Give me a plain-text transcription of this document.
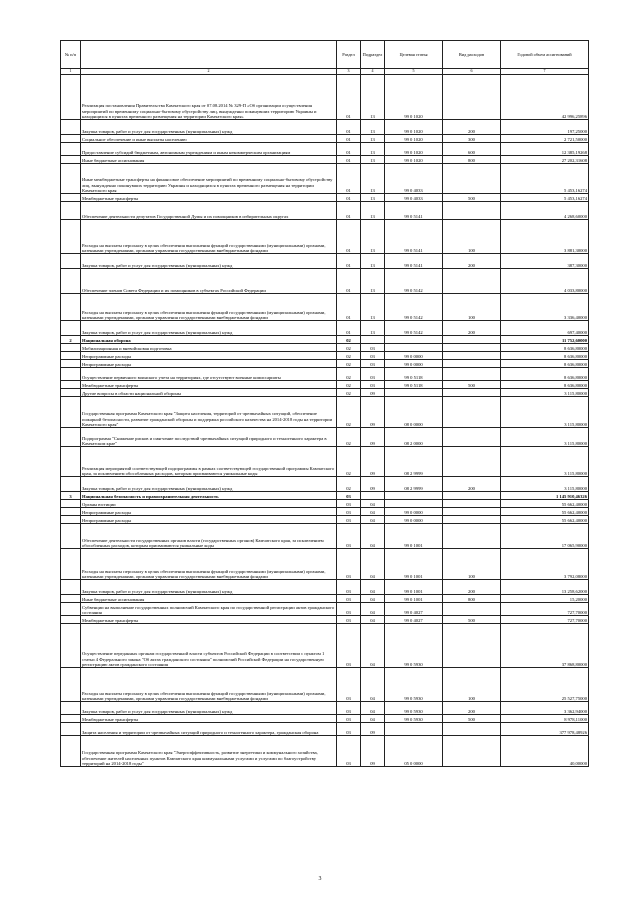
№ п/п		Раздел	Подраздел	Целевая статья	Вид расходов	Годовой объем ассигнований
1	2	3	4	5	6	7
	Реализация постановления Правительства Камчатского края от 07.08.2014 № 329-П «Об организации осуществления мероприятий по временному социально-бытовому обустройству лиц, вынужденно покинувших территорию Украины и находящихся в пунктах временного размещения на территории Камчатского края»	01	13	99 0 1020		42 996,25896
	Закупка товаров, работ и услуг для государственных (муниципальных) нужд	01	13	99 0 1020	200	197,25000
	Социальное обеспечение и иные выплаты населению	01	13	99 0 1020	300	2 721,50000
	Предоставление субсидий бюджетным, автономным учреждениям и иным некоммерческим организациям	01	13	99 0 1020	600	12 385,19268
	Иные бюджетные ассигнования	01	13	99 0 1020	800	27 202,31608
	Иные межбюджетные трансферты на финансовое обеспечение мероприятий по временному социально-бытовому обустройству лиц, вынужденно покинувших территорию Украины и находящихся в пунктах временного размещения на территории Камчатского края	01	13	99 0 4033		5 453,16274
	Межбюджетные трансферты	01	13	99 0 4033	500	5 453,16274
	Обеспечение деятельности депутатов Государственной Думы и их помощников в избирательных округах	01	13	99 0 5141		4 268,60000
	Расходы на выплаты персоналу в целях обеспечения выполнения функций государственными (муниципальными) органами, казенными учреждениями, органами управления государственными внебюджетными фондами	01	13	99 0 5141	100	3 881,30000
	Закупка товаров, работ и услуг для государственных (муниципальных) нужд	01	13	99 0 5141	200	387,30000
	Обеспечение членов Совета Федерации и их помощников в субъектах Российской Федерации	01	13	99 0 5142		4 033,80000
	Расходы на выплаты персоналу в целях обеспечения выполнения функций государственными (муниципальными) органами, казенными учреждениями, органами управления государственными внебюджетными фондами	01	13	99 0 5142	100	3 336,40000
	Закупка товаров, работ и услуг для государственных (муниципальных) нужд	01	13	99 0 5142	200	697,40000
2	Национальная оборона	02				11 752,60000
	Мобилизационная и вневойсковая подготовка	02	03			8 636,80000
	Непрограммные расходы	02	03	99 0 0000		8 636,80000
	Непрограммные расходы	02	03	99 0 0000		8 636,80000
	Осуществление первичного воинского учета на территориях, где отсутствуют военные комиссариаты	02	03	99 0 5118		8 636,80000
	Межбюджетные трансферты	02	03	99 0 5118	500	8 636,80000
	Другие вопросы в области национальной обороны	02	09			3 115,80000
	Государственная программа Камчатского края "Защита населения, территорий от чрезвычайных ситуаций, обеспечение пожарной безопасности, развитие гражданской обороны и поддержка российского казачества на 2014-2018 годы на территории Камчатского края"	02	09	08 0 0000		3 115,80000
	Подпрограмма "Снижение рисков и смягчение последствий чрезвычайных ситуаций природного и техногенного характера в Камчатском крае"	02	09	08 2 0000		3 115,80000
	Реализация мероприятий соответствующей подпрограммы в рамках соответствующей государственной программы Камчатского края, за исключением обособленных расходов, которым присваиваются уникальные коды	02	09	08 2 9999		3 115,80000
	Закупка товаров, работ и услуг для государственных (муниципальных) нужд	02	09	08 2 9999	200	3 115,80000
3	Национальная безопасность и правоохранительная деятельность	03				1 145 910,46326
	Органы юстиции	03	04			55 662,40000
	Непрограммные расходы	03	04	99 0 0000		55 662,40000
	Непрограммные расходы	03	04	99 0 0000		55 662,40000
	Обеспечение деятельности государственных органов власти (государственных органов) Камчатского края, за исключением обособленных расходов, которым присваиваются уникальные коды	03	04	99 0 1001		17 065,90000
	Расходы на выплаты персоналу в целях обеспечения выполнения функций государственными (муниципальными) органами, казенными учреждениями, органами управления государственными внебюджетными фондами	03	04	99 0 1001	100	3 792,08000
	Закупка товаров, работ и услуг для государственных (муниципальных) нужд	03	04	99 0 1001	200	13 258,62000
	Иные бюджетные ассигнования	03	04	99 0 1001	800	15,20000
	Субвенции на выполнение государственных полномочий Камчатского края по государственной регистрации актов гражданского состояния	03	04	99 0 4027		727,70000
	Межбюджетные трансферты	03	04	99 0 4027	500	727,70000
	Осуществление переданных органам государственной власти субъектов Российской Федерации в соответствии с пунктом 1 статьи 4 Федерального закона "Об актах гражданского состояния" полномочий Российской Федерации на государственную регистрацию актов гражданского состояния	03	04	99 0 5930		37 868,80000
	Расходы на выплаты персоналу в целях обеспечения выполнения функций государственными (муниципальными) органами, казенными учреждениями, органами управления государственными внебюджетными фондами	03	04	99 0 5930	100	25 527,75000
	Закупка товаров, работ и услуг для государственных (муниципальных) нужд	03	04	99 0 5930	200	3 362,94000
	Межбюджетные трансферты	03	04	99 0 5930	500	8 978,11000
	Защита населения и территории от чрезвычайных ситуаций природного и техногенного характера, гражданская оборона	03	09			377 978,48926
	Государственная программа Камчатского края "Энергоэффективность, развитие энергетики и коммунального хозяйства, обеспечение жителей населенных пунктов Камчатского края коммунальными услугами и услугами по благоустройству территорий на 2014-2018 годы"	03	09	05 0 0000		40,00000
3
